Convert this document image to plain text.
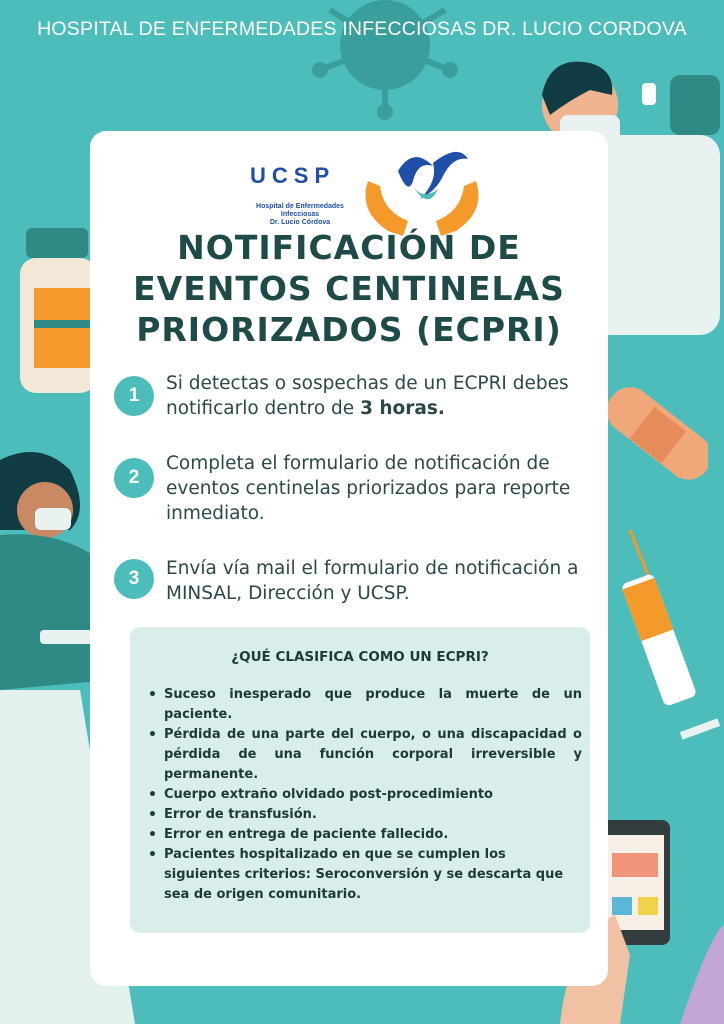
HOSPITAL DE ENFERMEDADES INFECCIOSAS DR. LUCIO CORDOVA
UCSP
Hospital de Enfermedades
Infecciosas
Dr. Lucio Córdova
NOTIFICACIÓN DE
EVENTOS CENTINELAS
PRIORIZADOS (ECPRI)
1
Si detectas o sospechas de un ECPRI debes notificarlo dentro de 3 horas.
2
Completa el formulario de notificación de eventos centinelas priorizados para reporte inmediato.
3	Envía vía mail el formulario de notificación a MINSAL, Dirección y UCSP.
¿QUÉ CLASIFICA COMO UN ECPRI?
• Suceso inesperado que produce la muerte de un paciente.
• Pérdida de una parte del cuerpo, o una discapacidad o pérdida de una función corporal irreversible y permanente.
• Cuerpo extraño olvidado post-procedimiento
• Error de transfusión.
• Error en entrega de paciente fallecido.
• Pacientes hospitalizado en que se cumplen los siguientes criterios: Seroconversión y se descarta que sea de origen comunitario.
